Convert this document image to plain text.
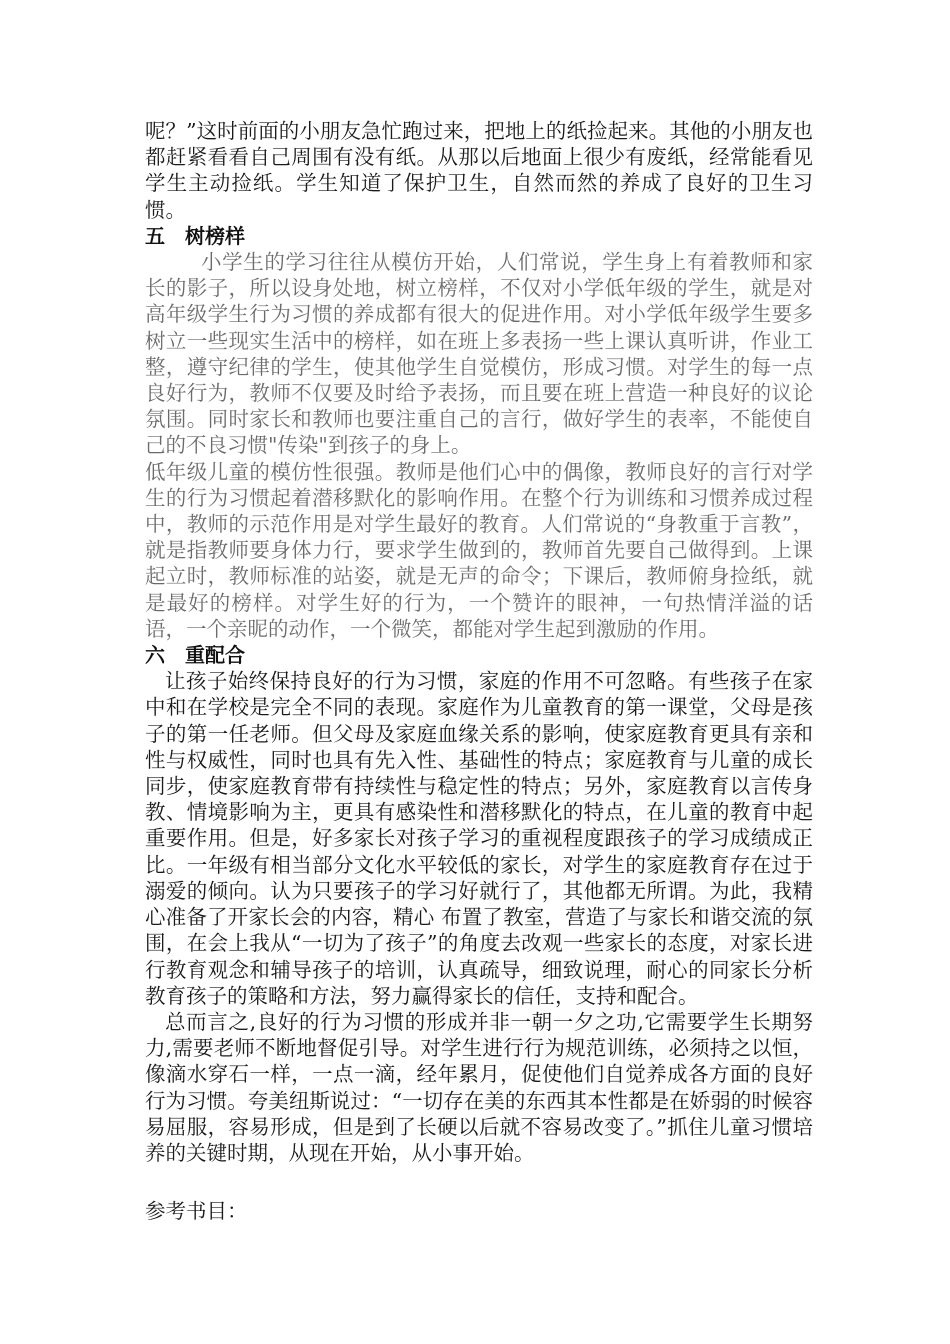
呢？”这时前面的小朋友急忙跑过来，把地上的纸捡起来。其他的小朋友也都赶紧看看自己周围有没有纸。从那以后地面上很少有废纸，经常能看见学生主动捡纸。学生知道了保护卫生，自然而然的养成了良好的卫生习惯。

五　树榜样

小学生的学习往往从模仿开始，人们常说，学生身上有着教师和家长的影子，所以设身处地，树立榜样，不仅对小学低年级的学生，就是对高年级学生行为习惯的养成都有很大的促进作用。对小学低年级学生要多树立一些现实生活中的榜样，如在班上多表扬一些上课认真听讲，作业工整，遵守纪律的学生，使其他学生自觉模仿，形成习惯。对学生的每一点良好行为，教师不仅要及时给予表扬，而且要在班上营造一种良好的议论氛围。同时家长和教师也要注重自己的言行，做好学生的表率，不能使自己的不良习惯"传染"到孩子的身上。

低年级儿童的模仿性很强。教师是他们心中的偶像，教师良好的言行对学生的行为习惯起着潜移默化的影响作用。在整个行为训练和习惯养成过程中，教师的示范作用是对学生最好的教育。人们常说的“身教重于言教”，就是指教师要身体力行，要求学生做到的，教师首先要自己做得到。上课起立时，教师标准的站姿，就是无声的命令；下课后，教师俯身捡纸，就是最好的榜样。对学生好的行为，一个赞许的眼神，一句热情洋溢的话语，一个亲昵的动作，一个微笑，都能对学生起到激励的作用。

六　重配合

让孩子始终保持良好的行为习惯，家庭的作用不可忽略。有些孩子在家中和在学校是完全不同的表现。家庭作为儿童教育的第一课堂，父母是孩子的第一任老师。但父母及家庭血缘关系的影响，使家庭教育更具有亲和性与权威性，同时也具有先入性、基础性的特点；家庭教育与儿童的成长同步，使家庭教育带有持续性与稳定性的特点；另外，家庭教育以言传身教、情境影响为主，更具有感染性和潜移默化的特点，在儿童的教育中起重要作用。但是，好多家长对孩子学习的重视程度跟孩子的学习成绩成正比。一年级有相当部分文化水平较低的家长，对学生的家庭教育存在过于溺爱的倾向。认为只要孩子的学习好就行了，其他都无所谓。为此，我精心准备了开家长会的内容，精心 布置了教室，营造了与家长和谐交流的氛围，在会上我从“一切为了孩子”的角度去改观一些家长的态度，对家长进行教育观念和辅导孩子的培训，认真疏导，细致说理，耐心的同家长分析教育孩子的策略和方法，努力赢得家长的信任，支持和配合。

总而言之,良好的行为习惯的形成并非一朝一夕之功,它需要学生长期努力,需要老师不断地督促引导。对学生进行行为规范训练，必须持之以恒，像滴水穿石一样，一点一滴，经年累月，促使他们自觉养成各方面的良好行为习惯。夸美纽斯说过：“一切存在美的东西其本性都是在娇弱的时候容易屈服，容易形成，但是到了长硬以后就不容易改变了。”抓住儿童习惯培养的关键时期，从现在开始，从小事开始。

参考书目：
